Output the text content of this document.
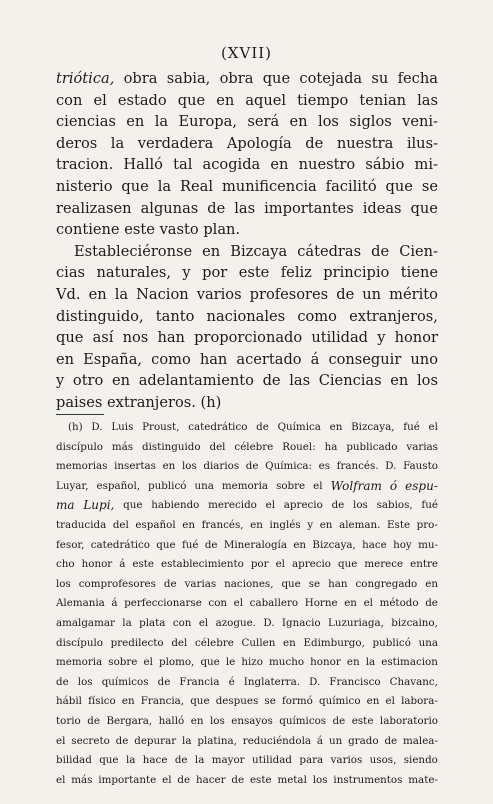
(XVII)
triótica, obra sabia, obra que cotejada su fecha
con el estado que en aquel tiempo tenian las
ciencias en la Europa, será en los siglos veni-
deros la verdadera Apología de nuestra ilus-
tracion. Halló tal acogida en nuestro sábio mi-
nisterio que la Real munificencia facilitó que se
realizasen algunas de las importantes ideas que
contiene este vasto plan.
Estableciéronse en Bizcaya cátedras de Cien-
cias naturales, y por este feliz principio tiene
Vd. en la Nacion varios profesores de un mérito
distinguido, tanto nacionales como extranjeros,
que así nos han proporcionado utilidad y honor
en España, como han acertado á conseguir uno
y otro en adelantamiento de las Ciencias en los
paises extranjeros. (h)
(h) D. Luis Proust, catedrático de Química en Bizcaya, fué el
discípulo más distinguido del célebre Rouel: ha publicado varias
memorias insertas en los diarios de Química: es francés. D. Fausto
Luyar, español, publicó una memoria sobre el Wolfram ó espu-
ma Lupi, que habiendo merecido el aprecio de los sabios, fué
traducida del español en francés, en inglés y en aleman. Este pro-
fesor, catedrático que fué de Mineralogía en Bizcaya, hace hoy mu-
cho honor á este establecimiento por el aprecio que merece entre
los comprofesores de varias naciones, que se han congregado en
Alemania á perfeccionarse con el caballero Horne en el método de
amalgamar la plata con el azogue. D. Ignacio Luzuriaga, bizcaino,
discípulo predilecto del célebre Cullen en Edimburgo, publicó una
memoria sobre el plomo, que le hizo mucho honor en la estimacion
de los químicos de Francia é Inglaterra. D. Francisco Chavanc,
hábil físico en Francia, que despues se formó químico en el labora-
torio de Bergara, halló en los ensayos químicos de este laboratorio
el secreto de depurar la platina, reduciéndola á un grado de malea-
bilidad que la hace de la mayor utilidad para varios usos, siendo
el más importante el de hacer de este metal los instrumentos mate-
